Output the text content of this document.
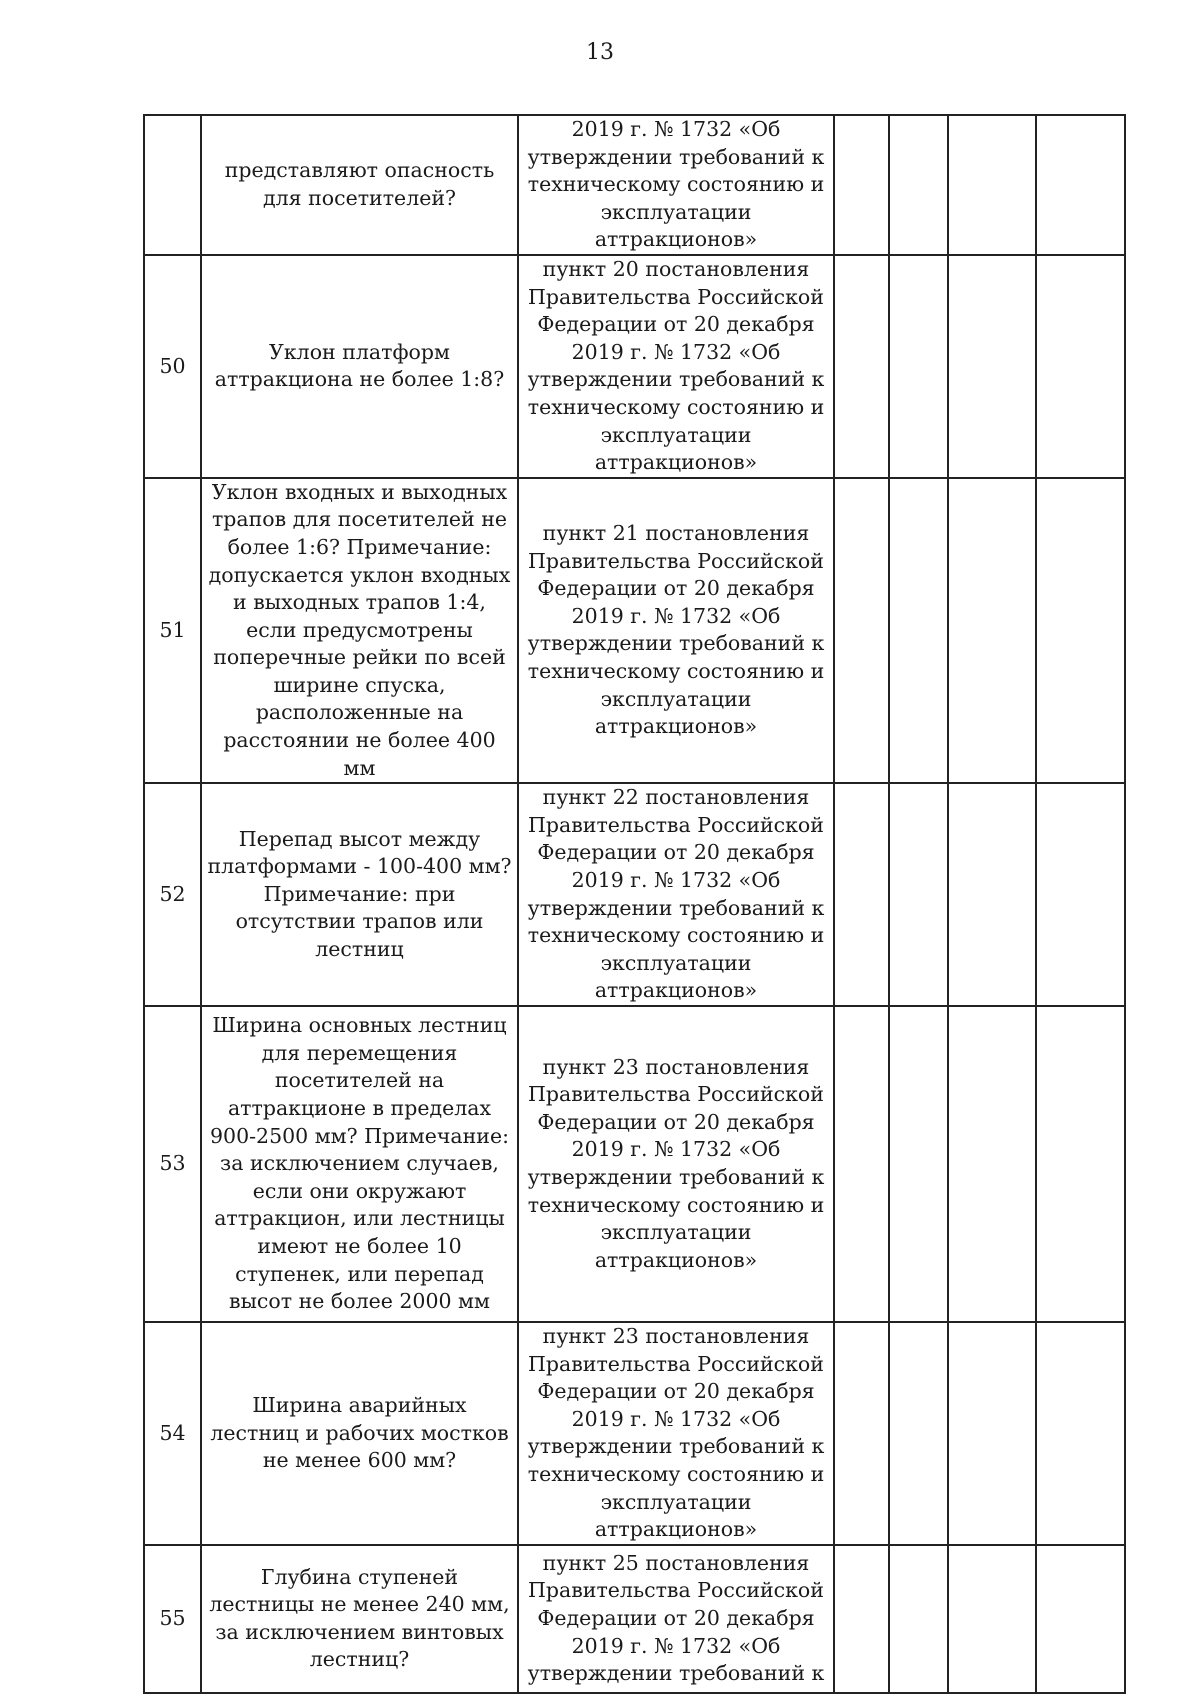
13
	представляют опасность для посетителей?	2019 г. № 1732 «Об утверждении требований к техническому состоянию и эксплуатации аттракционов»				
50	Уклон платформ аттракциона не более 1:8?	пункт 20 постановления Правительства Российской Федерации от 20 декабря 2019 г. № 1732 «Об утверждении требований к техническому состоянию и эксплуатации аттракционов»				
51	Уклон входных и выходных трапов для посетителей не более 1:6? Примечание: допускается уклон входных и выходных трапов 1:4, если предусмотрены поперечные рейки по всей ширине спуска, расположенные на расстоянии не более 400 мм	пункт 21 постановления Правительства Российской Федерации от 20 декабря 2019 г. № 1732 «Об утверждении требований к техническому состоянию и эксплуатации аттракционов»				
52	Перепад высот между платформами - 100-400 мм? Примечание: при отсутствии трапов или лестниц	пункт 22 постановления Правительства Российской Федерации от 20 декабря 2019 г. № 1732 «Об утверждении требований к техническому состоянию и эксплуатации аттракционов»				
53	Ширина основных лестниц для перемещения посетителей на аттракционе в пределах 900-2500 мм? Примечание: за исключением случаев, если они окружают аттракцион, или лестницы имеют не более 10 ступенек, или перепад высот не более 2000 мм	пункт 23 постановления Правительства Российской Федерации от 20 декабря 2019 г. № 1732 «Об утверждении требований к техническому состоянию и эксплуатации аттракционов»				
54	Ширина аварийных лестниц и рабочих мостков не менее 600 мм?	пункт 23 постановления Правительства Российской Федерации от 20 декабря 2019 г. № 1732 «Об утверждении требований к техническому состоянию и эксплуатации аттракционов»				
55	Глубина ступеней лестницы не менее 240 мм, за исключением винтовых лестниц?	пункт 25 постановления Правительства Российской Федерации от 20 декабря 2019 г. № 1732 «Об утверждении требований к				
